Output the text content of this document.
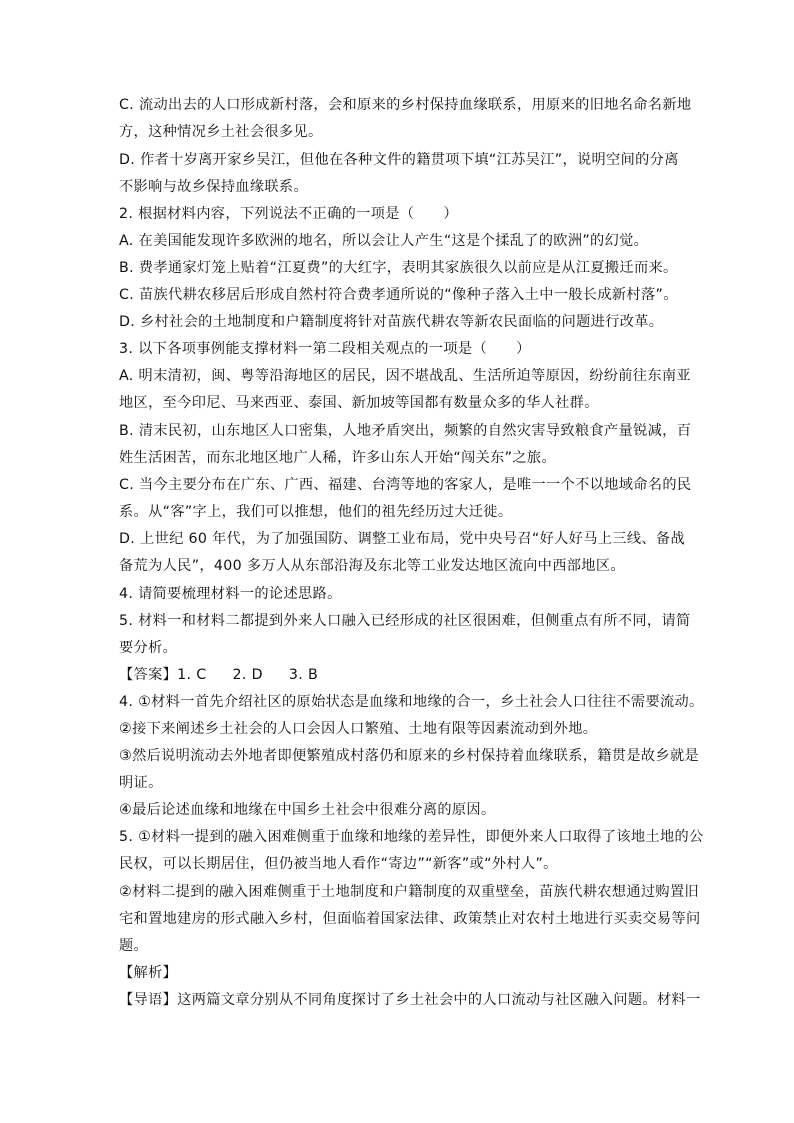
C. 流动出去的人口形成新村落，会和原来的乡村保持血缘联系，用原来的旧地名命名新地
方，这种情况乡土社会很多见。
D. 作者十岁离开家乡吴江，但他在各种文件的籍贯项下填“江苏吴江”，说明空间的分离
不影响与故乡保持血缘联系。
2. 根据材料内容，下列说法不正确的一项是（　　）
A. 在美国能发现许多欧洲的地名，所以会让人产生“这是个揉乱了的欧洲”的幻觉。
B. 费孝通家灯笼上贴着“江夏费”的大红字，表明其家族很久以前应是从江夏搬迁而来。
C. 苗族代耕农移居后形成自然村符合费孝通所说的“像种子落入土中一般长成新村落”。
D. 乡村社会的土地制度和户籍制度将针对苗族代耕农等新农民面临的问题进行改革。
3. 以下各项事例能支撑材料一第二段相关观点的一项是（　　）
A. 明末清初，闽、粤等沿海地区的居民，因不堪战乱、生活所迫等原因，纷纷前往东南亚
地区，至今印尼、马来西亚、泰国、新加坡等国都有数量众多的华人社群。
B. 清末民初，山东地区人口密集，人地矛盾突出，频繁的自然灾害导致粮食产量锐减，百
姓生活困苦，而东北地区地广人稀，许多山东人开始“闯关东”之旅。
C. 当今主要分布在广东、广西、福建、台湾等地的客家人，是唯一一个不以地域命名的民
系。从“客”字上，我们可以推想，他们的祖先经历过大迁徙。
D. 上世纪 60 年代，为了加强国防、调整工业布局，党中央号召“好人好马上三线、备战
备荒为人民”，400 多万人从东部沿海及东北等工业发达地区流向中西部地区。
4. 请简要梳理材料一的论述思路。
5. 材料一和材料二都提到外来人口融入已经形成的社区很困难，但侧重点有所不同，请简
要分析。
【答案】1. C 2. D 3. B
4. ①材料一首先介绍社区的原始状态是血缘和地缘的合一，乡土社会人口往往不需要流动。
②接下来阐述乡土社会的人口会因人口繁殖、土地有限等因素流动到外地。
③然后说明流动去外地者即便繁殖成村落仍和原来的乡村保持着血缘联系，籍贯是故乡就是
明证。
④最后论述血缘和地缘在中国乡土社会中很难分离的原因。
5. ①材料一提到的融入困难侧重于血缘和地缘的差异性，即便外来人口取得了该地土地的公
民权，可以长期居住，但仍被当地人看作“寄边”“新客”或“外村人”。
②材料二提到的融入困难侧重于土地制度和户籍制度的双重壁垒，苗族代耕农想通过购置旧
宅和置地建房的形式融入乡村，但面临着国家法律、政策禁止对农村土地进行买卖交易等问
题。
【解析】
【导语】这两篇文章分别从不同角度探讨了乡土社会中的人口流动与社区融入问题。材料一
